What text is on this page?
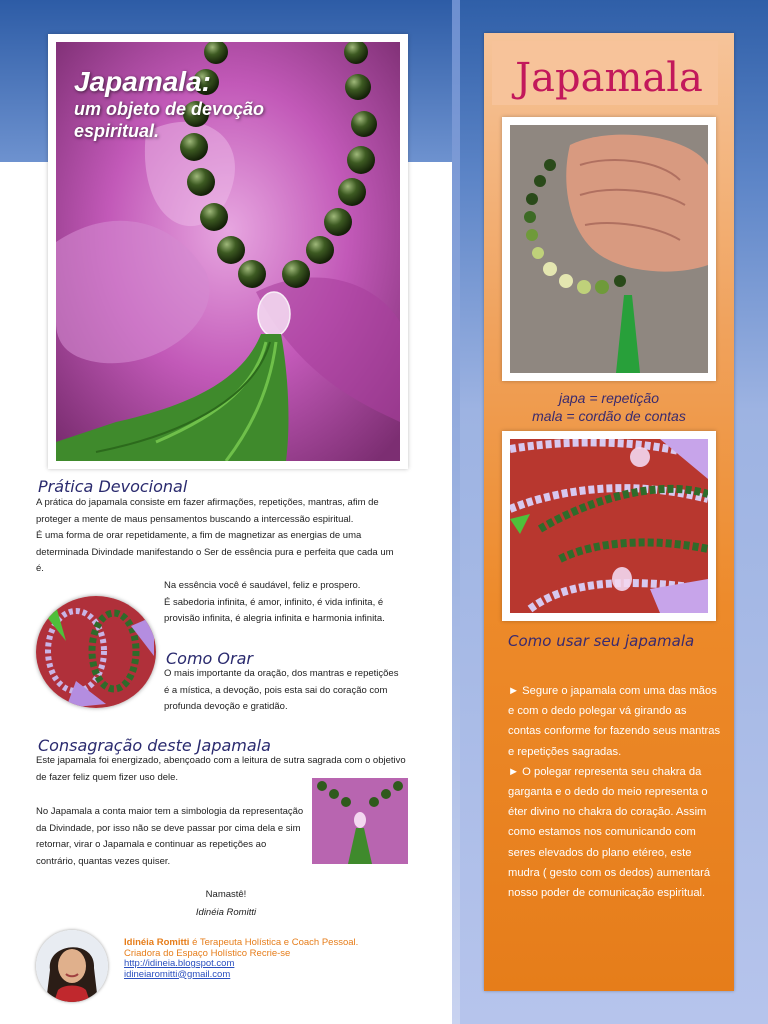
Japamala:
um objeto de devoção espiritual.
Prática Devocional

A prática do japamala consiste em fazer afirmações, repetições, mantras, afim de proteger a mente de maus pensamentos buscando a intercessão espiritual.

É uma forma de orar repetidamente, a fim de magnetizar as energias de uma determinada Divindade manifestando o Ser de essência pura e perfeita que cada um é.

Na essência você é saudável, feliz e prospero.

É sabedoria infinita, é amor, infinito, é vida infinita, é provisão infinita, é alegria infinita e harmonia infinita.

Como Orar

O mais importante da oração, dos mantras e repetições é a mística, a devoção, pois esta sai do coração com profunda devoção e gratidão.

Consagração deste Japamala

Este japamala foi energizado, abençoado com a leitura de sutra sagrada com o objetivo de fazer feliz quem fizer uso dele.

No Japamala a conta maior tem a simbologia da representação da Divindade, por isso não se deve passar por cima dela e sim retornar, virar o Japamala e continuar as repetições ao contrário, quantas vezes quiser.

Namastê!
Idinéia Romitti
Idinéia Romitti é Terapeuta Holística e Coach Pessoal.
Criadora do Espaço Holístico Recrie-se
http://idineia.blogspot.com
idineiaromitti@gmail.com
Japamala
japa = repetição
mala = cordão de contas
Como usar seu japamala

► Segure o japamala com uma das mãos e com o dedo polegar vá girando as contas conforme for fazendo seus mantras e repetições sagradas.

► O polegar representa seu chakra da garganta e o dedo do meio representa o éter divino no chakra do coração. Assim como estamos nos comunicando com seres elevados do plano etéreo, este mudra ( gesto com os dedos) aumentará nosso poder de comunicação espiritual.
